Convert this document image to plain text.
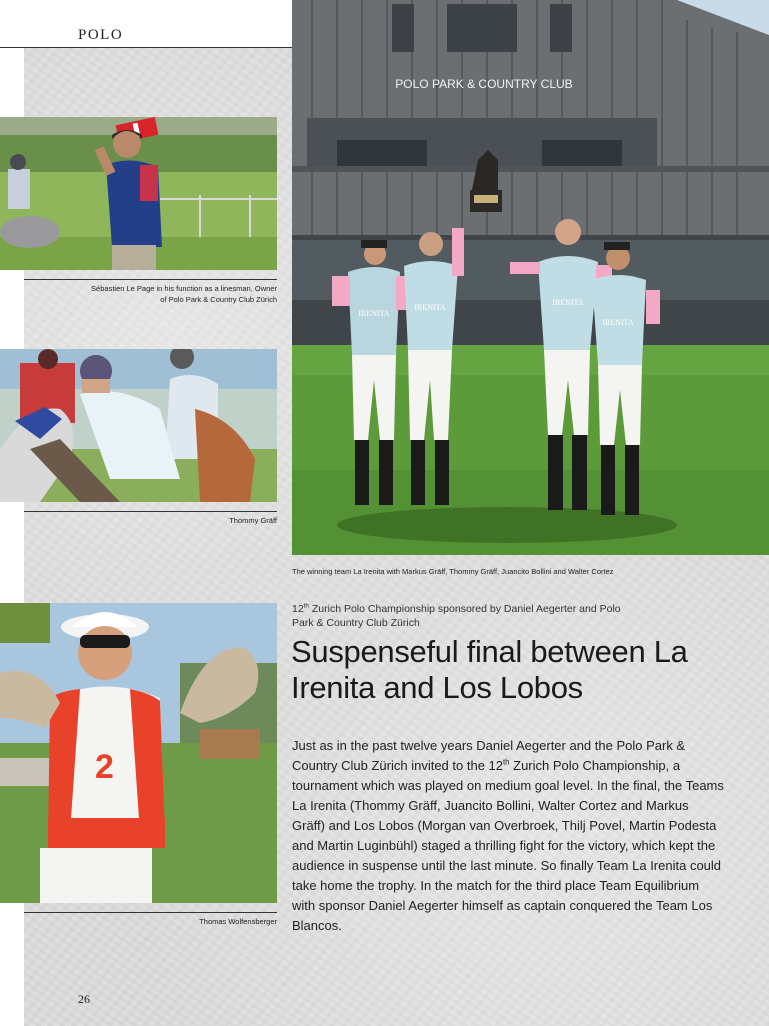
POLO
POLO PARK & COUNTRY CLUB
IRENITA
IRENITA
IRENITA
IRENITA
The winning team La Irenita with Markus Gräff, Thommy Gräff, Juancito Bollini and Walter Cortez
Sébastien Le Page in his function as a linesman, Owner of Polo Park & Country Club Zürich
Thommy Gräff
2
Thomas Wolfensberger
12th Zurich Polo Championship sponsored by Daniel Aegerter and Polo Park & Country Club Zürich
Suspenseful final between La Irenita and Los Lobos
Just as in the past twelve years Daniel Aegerter and the Polo Park & Country Club Zürich invited to the 12th Zurich Polo Championship, a tournament which was played on medium goal level. In the final, the Teams La Irenita (Thommy Gräff, Juancito Bollini, Walter Cortez and Markus Gräff) and Los Lobos (Morgan van Overbroek, Thilj Povel, Martin Podesta and Martin Luginbühl) staged a thrilling fight for the victory, which kept the audience in suspense until the last minute. So finally Team La Irenita could take home the trophy. In the match for the third place Team Equilibrium with sponsor Daniel Aegerter himself as captain conquered the Team Los Blancos.
26
